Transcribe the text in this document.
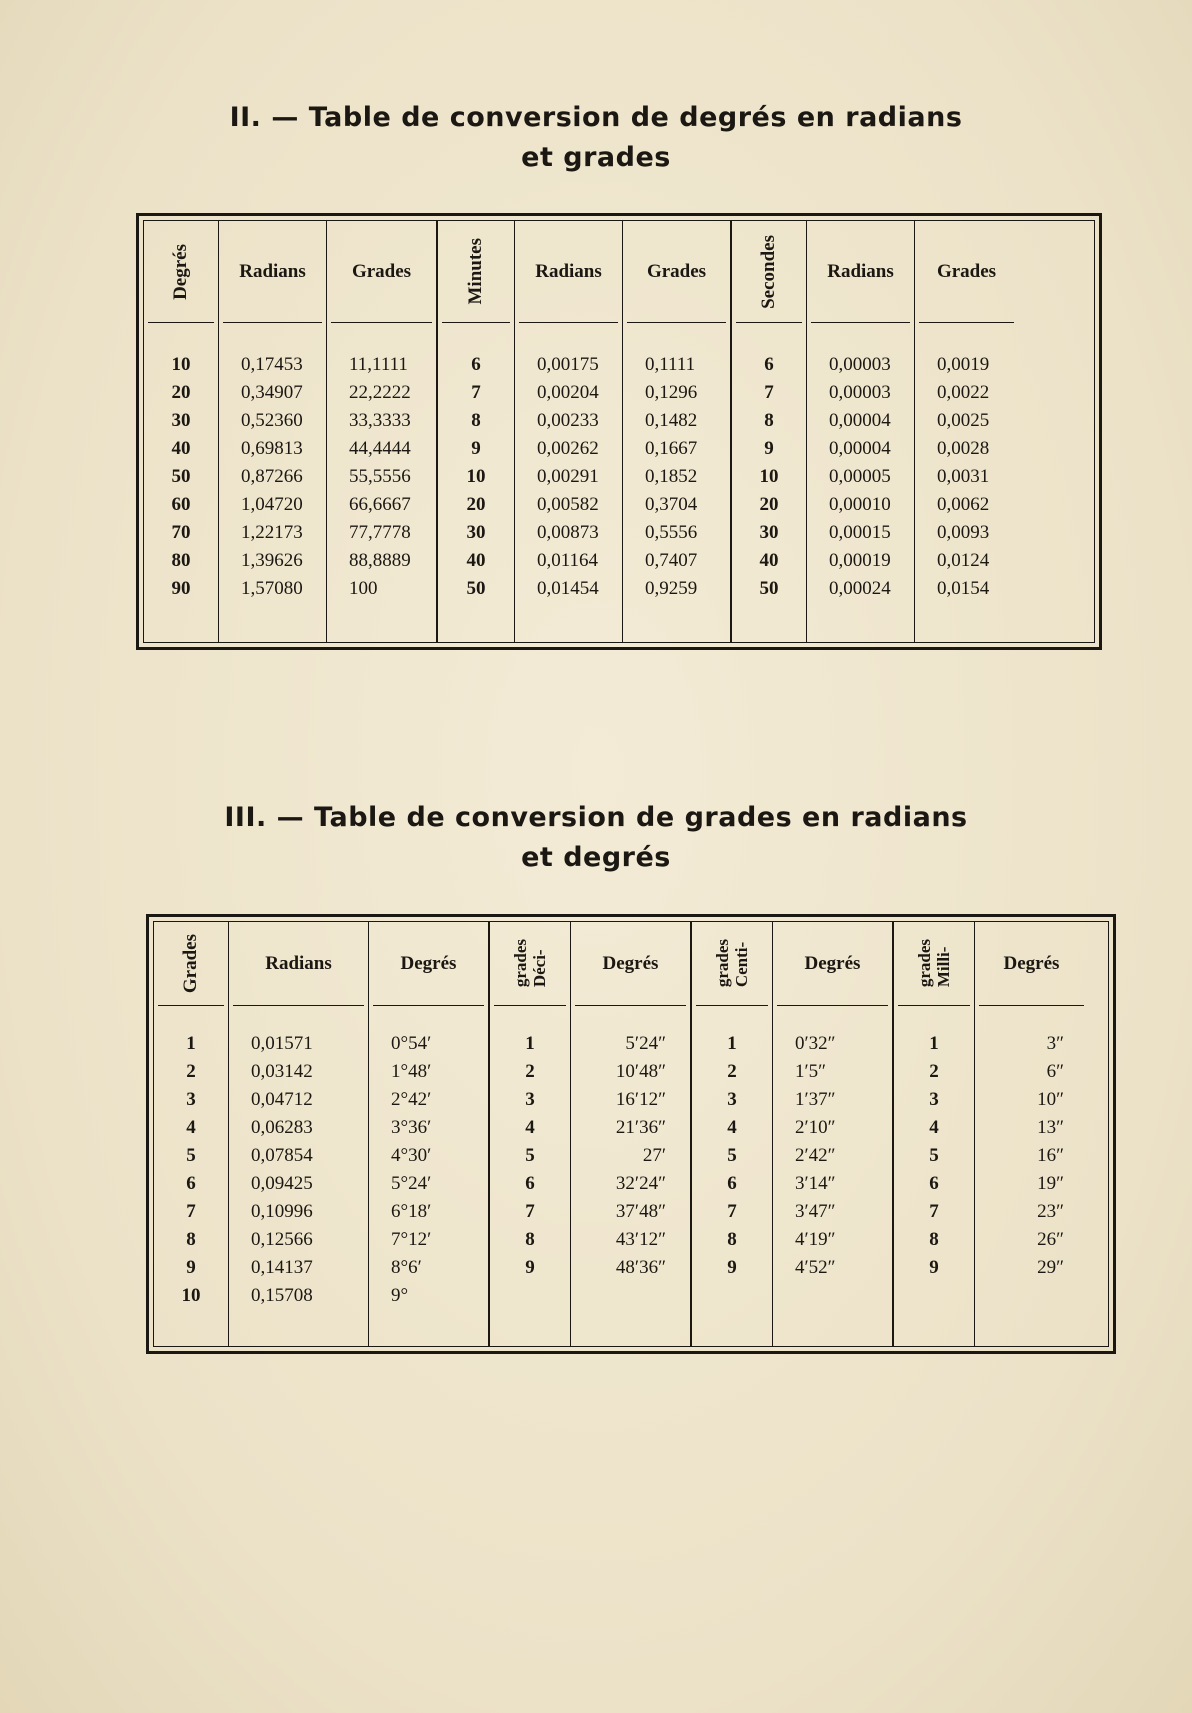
II. — Table de conversion de degrés en radians
et grades
Degrés
10
20
30
40
50
60
70
80
90
Radians
0,17453
0,34907
0,52360
0,69813
0,87266
1,04720
1,22173
1,39626
1,57080
Grades
11,1111
22,2222
33,3333
44,4444
55,5556
66,6667
77,7778
88,8889
100
Minutes
6
7
8
9
10
20
30
40
50
Radians
0,00175
0,00204
0,00233
0,00262
0,00291
0,00582
0,00873
0,01164
0,01454
Grades
0,1111
0,1296
0,1482
0,1667
0,1852
0,3704
0,5556
0,7407
0,9259
Secondes
6
7
8
9
10
20
30
40
50
Radians
0,00003
0,00003
0,00004
0,00004
0,00005
0,00010
0,00015
0,00019
0,00024
Grades
0,0019
0,0022
0,0025
0,0028
0,0031
0,0062
0,0093
0,0124
0,0154
III. — Table de conversion de grades en radians
et degrés
Grades
1
2
3
4
5
6
7
8
9
10
Radians
0,01571
0,03142
0,04712
0,06283
0,07854
0,09425
0,10996
0,12566
0,14137
0,15708
Degrés
0°54′
1°48′
2°42′
3°36′
4°30′
5°24′
6°18′
7°12′
8°6′
9°
Déci-
grades
1
2
3
4
5
6
7
8
9
Degrés
5′24″
10′48″
16′12″
21′36″
27′
32′24″
37′48″
43′12″
48′36″
Centi-
grades
1
2
3
4
5
6
7
8
9
Degrés
0′32″
1′5″
1′37″
2′10″
2′42″
3′14″
3′47″
4′19″
4′52″
Milli-
grades
1
2
3
4
5
6
7
8
9
Degrés
3″
6″
10″
13″
16″
19″
23″
26″
29″
